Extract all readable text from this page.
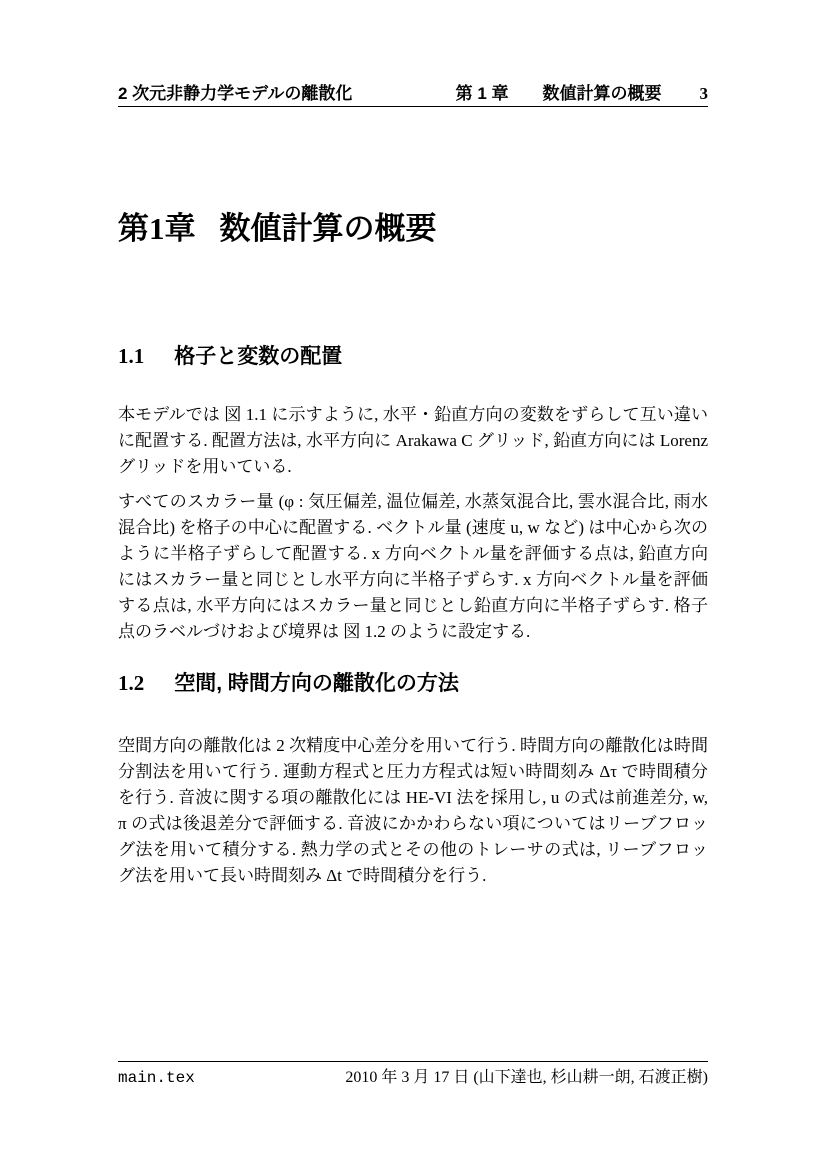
2 次元非静力学モデルの離散化	第 1 章　　数値計算の概要 3
第1章 数値計算の概要
1.1 格子と変数の配置

本モデルでは 図 1.1 に示すように, 水平・鉛直方向の変数をずらして互い違いに配置する. 配置方法は, 水平方向に Arakawa C グリッド, 鉛直方向には Lorenz グリッドを用いている.

すべてのスカラー量 (φ : 気圧偏差, 温位偏差, 水蒸気混合比, 雲水混合比, 雨水混合比) を格子の中心に配置する. ベクトル量 (速度 u, w など) は中心から次のように半格子ずらして配置する. x 方向ベクトル量を評価する点は, 鉛直方向にはスカラー量と同じとし水平方向に半格子ずらす. x 方向ベクトル量を評価する点は, 水平方向にはスカラー量と同じとし鉛直方向に半格子ずらす. 格子点のラベルづけおよび境界は 図 1.2 のように設定する.

1.2 空間, 時間方向の離散化の方法

空間方向の離散化は 2 次精度中心差分を用いて行う. 時間方向の離散化は時間分割法を用いて行う. 運動方程式と圧力方程式は短い時間刻み Δτ で時間積分を行う. 音波に関する項の離散化には HE-VI 法を採用し, u の式は前進差分, w, π の式は後退差分で評価する. 音波にかかわらない項についてはリーブフロッグ法を用いて積分する. 熱力学の式とその他のトレーサの式は, リーブフロッグ法を用いて長い時間刻み Δt で時間積分を行う.

main.tex	2010 年 3 月 17 日 (山下達也, 杉山耕一朗, 石渡正樹)
